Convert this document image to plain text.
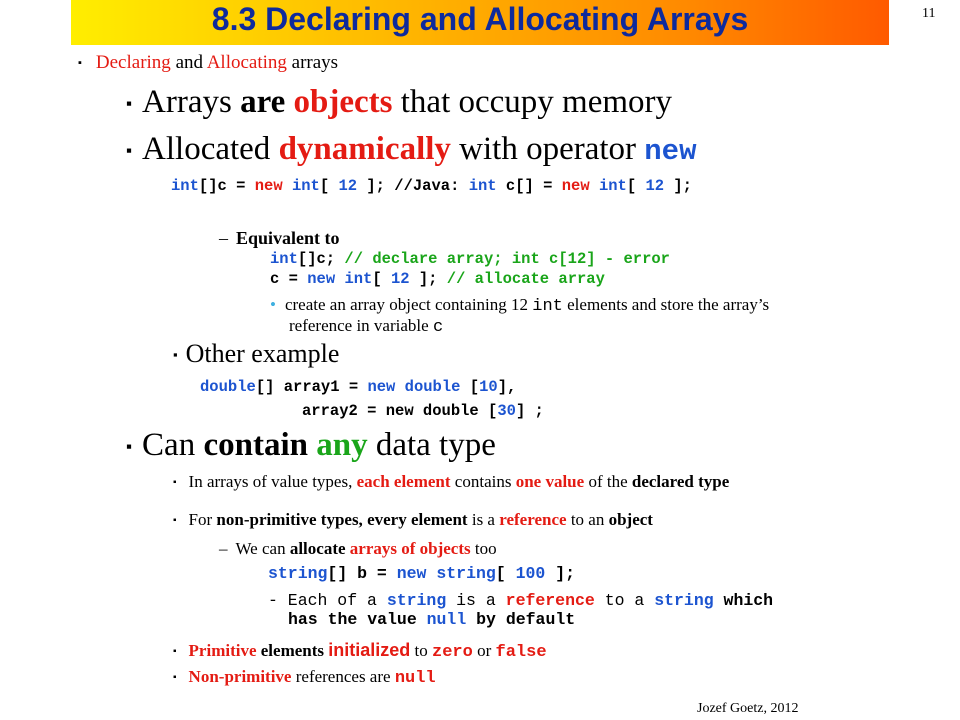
8.3 Declaring and Allocating Arrays	11
▪ Declaring and Allocating arrays
▪ Arrays are objects that occupy memory
▪ Allocated dynamically with operator new
int[]c = new int[ 12 ]; //Java: int c[] = new int[ 12 ];
– Equivalent to
int[]c; // declare array; int c[12] - error
c = new int[ 12 ]; // allocate array
• create an array object containing 12 int elements and store the array’s
reference in variable c
▪ Other example
double[] array1 = new double [10],
array2 = new double [30] ;
▪ Can contain any data type
▪ In arrays of value types, each element contains one value of the declared type
▪ For non-primitive types, every element is a reference to an object
– We can allocate arrays of objects too
string[] b = new string[ 100 ];
- Each of a string is a reference to a string which
has the value null by default
▪ Primitive elements initialized to zero or false
▪ Non-primitive references are null
Jozef Goetz, 2012
